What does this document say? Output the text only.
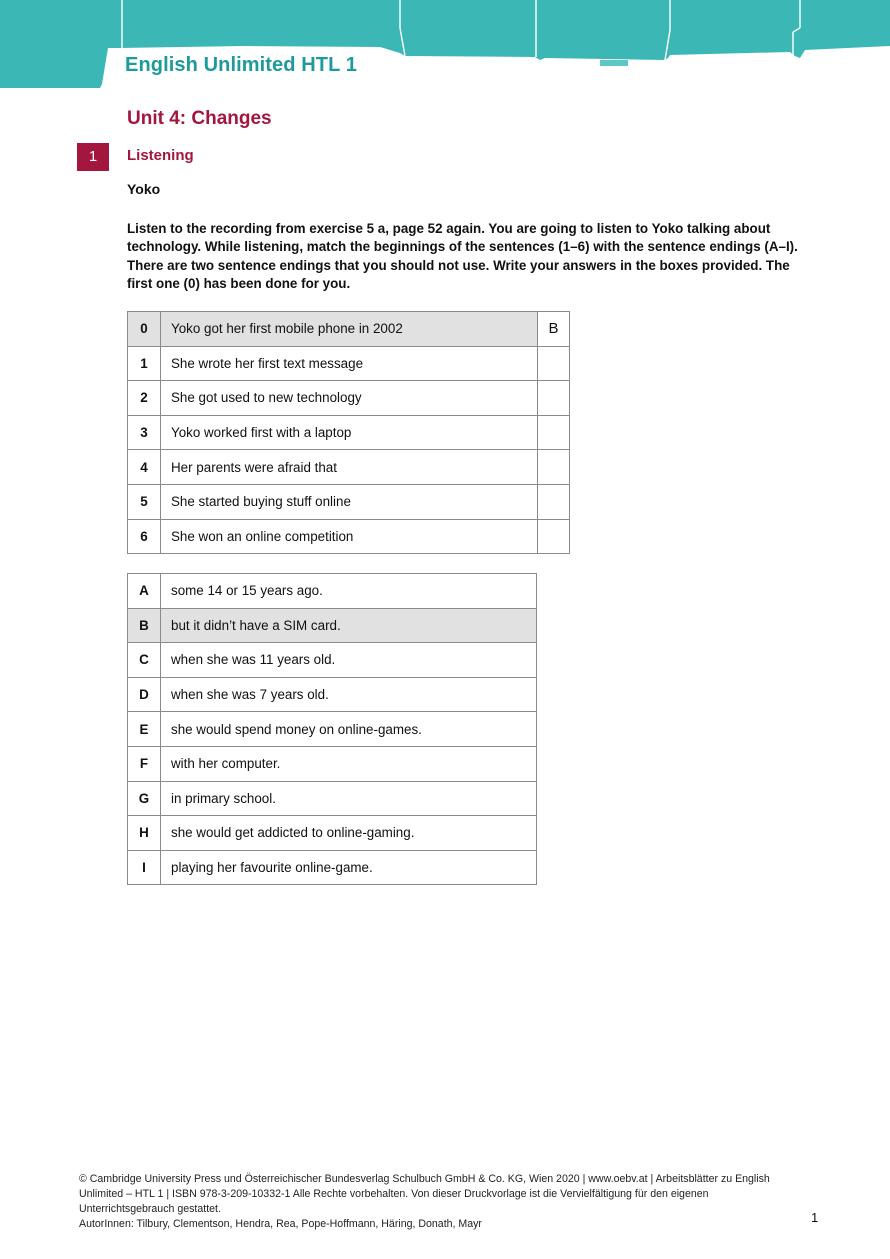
English Unlimited HTL 1
Unit 4: Changes
1	Listening
Yoko
Listen to the recording from exercise 5 a, page 52 again. You are going to listen to Yoko talking about technology. While listening, match the beginnings of the sentences (1–6) with the sentence endings (A–I). There are two sentence endings that you should not use. Write your answers in the boxes provided. The first one (0) has been done for you.
0	Yoko got her first mobile phone in 2002	B
1	She wrote her first text message	
2	She got used to new technology	
3	Yoko worked first with a laptop	
4	Her parents were afraid that	
5	She started buying stuff online	
6	She won an online competition	
A	some 14 or 15 years ago.
B	but it didn’t have a SIM card.
C	when she was 11 years old.
D	when she was 7 years old.
E	she would spend money on online-games.
F	with her computer.
G	in primary school.
H	she would get addicted to online-gaming.
I	playing her favourite online-game.
© Cambridge University Press und Österreichischer Bundesverlag Schulbuch GmbH & Co. KG, Wien 2020 | www.oebv.at | Arbeitsblätter zu English Unlimited – HTL 1 | ISBN 978-3-209-10332-1 Alle Rechte vorbehalten. Von dieser Druckvorlage ist die Vervielfältigung für den eigenen Unterrichtsgebrauch gestattet.
AutorInnen: Tilbury, Clementson, Hendra, Rea, Pope-Hoffmann, Häring, Donath, Mayr	1
